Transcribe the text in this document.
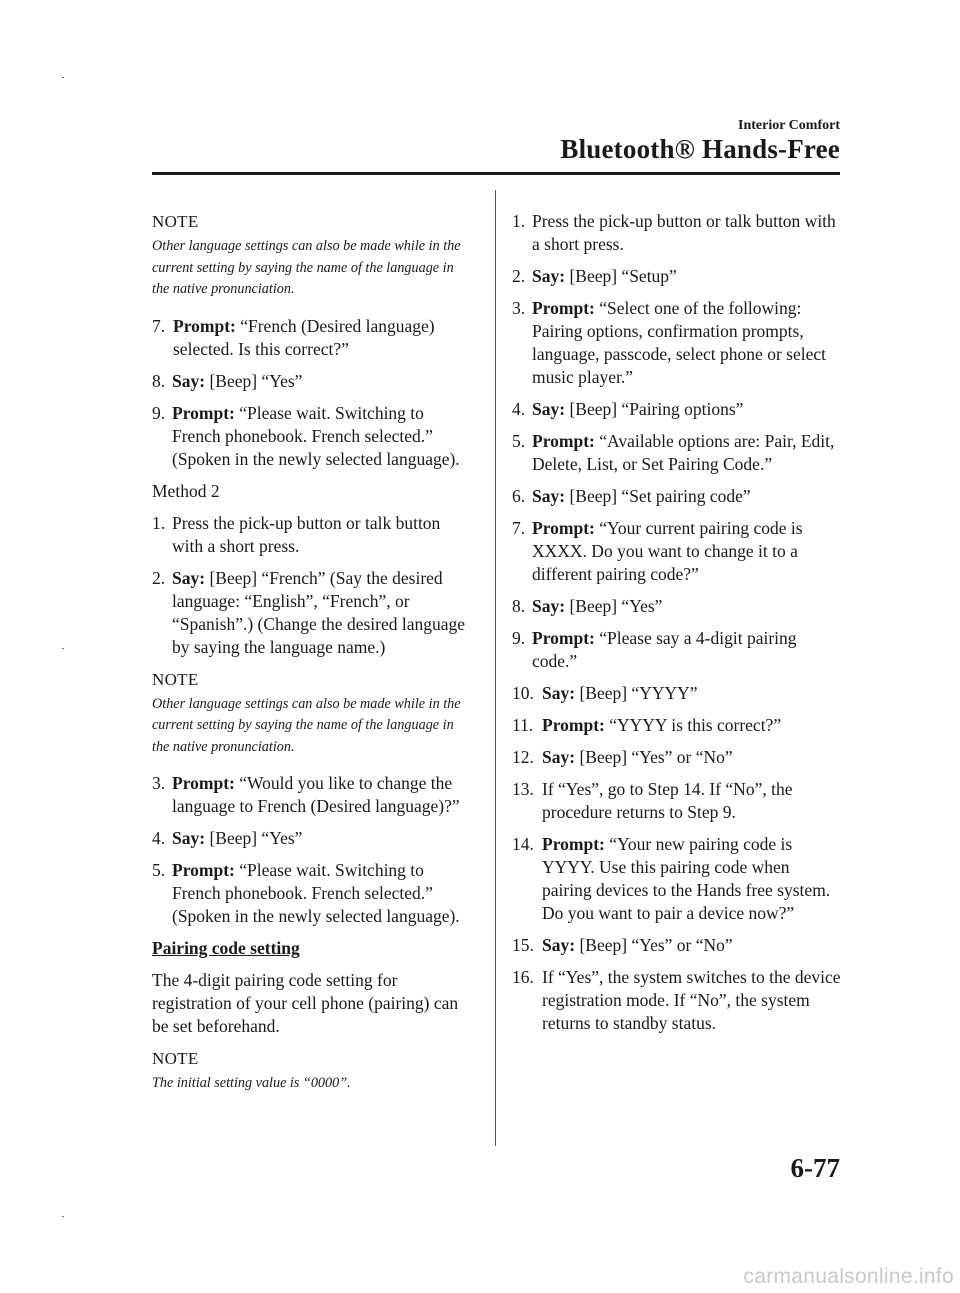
Interior Comfort
Bluetooth® Hands-Free
NOTE
Other language settings can also be made while in the current setting by saying the name of the language in the native pronunciation.
7. Prompt: “French (Desired language) selected. Is this correct?”
8. Say: [Beep] “Yes”
9. Prompt: “Please wait. Switching to French phonebook. French selected.” (Spoken in the newly selected language).
Method 2
1. Press the pick-up button or talk button with a short press.
2. Say: [Beep] “French” (Say the desired language: “English”, “French”, or “Spanish”.) (Change the desired language by saying the language name.)
NOTE
Other language settings can also be made while in the current setting by saying the name of the language in the native pronunciation.
3. Prompt: “Would you like to change the language to French (Desired language)?”
4. Say: [Beep] “Yes”
5. Prompt: “Please wait. Switching to French phonebook. French selected.” (Spoken in the newly selected language).
Pairing code setting
The 4-digit pairing code setting for registration of your cell phone (pairing) can be set beforehand.
NOTE
The initial setting value is “0000”.
1. Press the pick-up button or talk button with a short press.
2. Say: [Beep] “Setup”
3. Prompt: “Select one of the following: Pairing options, confirmation prompts, language, passcode, select phone or select music player.”
4. Say: [Beep] “Pairing options”
5. Prompt: “Available options are: Pair, Edit, Delete, List, or Set Pairing Code.”
6. Say: [Beep] “Set pairing code”
7. Prompt: “Your current pairing code is XXXX. Do you want to change it to a different pairing code?”
8. Say: [Beep] “Yes”
9. Prompt: “Please say a 4-digit pairing code.”
10. Say: [Beep] “YYYY”
11. Prompt: “YYYY is this correct?”
12. Say: [Beep] “Yes” or “No”
13. If “Yes”, go to Step 14. If “No”, the procedure returns to Step 9.
14. Prompt: “Your new pairing code is YYYY. Use this pairing code when pairing devices to the Hands free system. Do you want to pair a device now?”
15. Say: [Beep] “Yes” or “No”
16. If “Yes”, the system switches to the device registration mode. If “No”, the system returns to standby status.
6-77
carmanualsonline.info
